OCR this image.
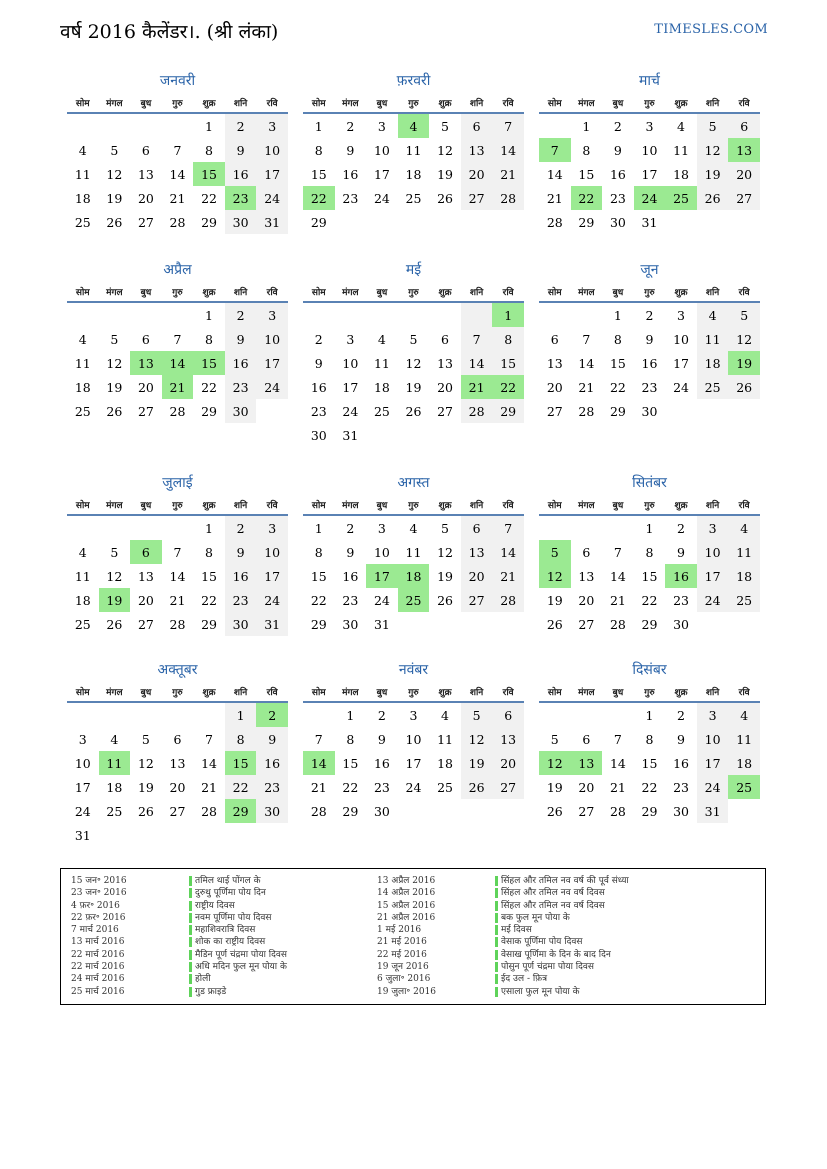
वर्ष 2016 कैलेंडर।. (श्री लंका)	TIMESLES.COM
जनवरी
सोम	मंगल	बुध	गुरु	शुक्र	शनि	रवि
				1	2	3
4	5	6	7	8	9	10
11	12	13	14	15	16	17
18	19	20	21	22	23	24
25	26	27	28	29	30	31
फ़रवरी
सोम	मंगल	बुध	गुरु	शुक्र	शनि	रवि
1	2	3	4	5	6	7
8	9	10	11	12	13	14
15	16	17	18	19	20	21
22	23	24	25	26	27	28
29						
मार्च
सोम	मंगल	बुध	गुरु	शुक्र	शनि	रवि
	1	2	3	4	5	6
7	8	9	10	11	12	13
14	15	16	17	18	19	20
21	22	23	24	25	26	27
28	29	30	31			
अप्रैल
सोम	मंगल	बुध	गुरु	शुक्र	शनि	रवि
				1	2	3
4	5	6	7	8	9	10
11	12	13	14	15	16	17
18	19	20	21	22	23	24
25	26	27	28	29	30	
मई
सोम	मंगल	बुध	गुरु	शुक्र	शनि	रवि
						1
2	3	4	5	6	7	8
9	10	11	12	13	14	15
16	17	18	19	20	21	22
23	24	25	26	27	28	29
30	31					
जून
सोम	मंगल	बुध	गुरु	शुक्र	शनि	रवि
		1	2	3	4	5
6	7	8	9	10	11	12
13	14	15	16	17	18	19
20	21	22	23	24	25	26
27	28	29	30			
जुलाई
सोम	मंगल	बुध	गुरु	शुक्र	शनि	रवि
				1	2	3
4	5	6	7	8	9	10
11	12	13	14	15	16	17
18	19	20	21	22	23	24
25	26	27	28	29	30	31
अगस्त
सोम	मंगल	बुध	गुरु	शुक्र	शनि	रवि
1	2	3	4	5	6	7
8	9	10	11	12	13	14
15	16	17	18	19	20	21
22	23	24	25	26	27	28
29	30	31				
सितंबर
सोम	मंगल	बुध	गुरु	शुक्र	शनि	रवि
			1	2	3	4
5	6	7	8	9	10	11
12	13	14	15	16	17	18
19	20	21	22	23	24	25
26	27	28	29	30		
अक्तूबर
सोम	मंगल	बुध	गुरु	शुक्र	शनि	रवि
					1	2
3	4	5	6	7	8	9
10	11	12	13	14	15	16
17	18	19	20	21	22	23
24	25	26	27	28	29	30
31						
नवंबर
सोम	मंगल	बुध	गुरु	शुक्र	शनि	रवि
	1	2	3	4	5	6
7	8	9	10	11	12	13
14	15	16	17	18	19	20
21	22	23	24	25	26	27
28	29	30				
दिसंबर
सोम	मंगल	बुध	गुरु	शुक्र	शनि	रवि
			1	2	3	4
5	6	7	8	9	10	11
12	13	14	15	16	17	18
19	20	21	22	23	24	25
26	27	28	29	30	31	
15 जन॰ 2016	तमिल थाई पोंगल के
23 जन॰ 2016	दुरुथु पूर्णिमा पोय दिन
4 फ़र॰ 2016	राष्ट्रीय दिवस
22 फ़र॰ 2016	नवम पूर्णिमा पोय दिवस
7 मार्च 2016	महाशिवरात्रि दिवस
13 मार्च 2016	शोक का राष्ट्रीय दिवस
22 मार्च 2016	मैडिन पूर्ण चंद्रमा पोया दिवस
22 मार्च 2016	अधि मदिन फुल मून पोया के
24 मार्च 2016	होली
25 मार्च 2016	गुड फ्राइडे
13 अप्रैल 2016	सिंहल और तमिल नव वर्ष की पूर्व संध्या
14 अप्रैल 2016	सिंहल और तमिल नव वर्ष दिवस
15 अप्रैल 2016	सिंहल और तमिल नव वर्ष दिवस
21 अप्रैल 2016	बक फुल मून पोया के
1 मई 2016	मई दिवस
21 मई 2016	वेसाक पूर्णिमा पोय दिवस
22 मई 2016	वेसाख पूर्णिमा के दिन के बाद दिन
19 जून 2016	पोसुन पूर्ण चंद्रमा पोया दिवस
6 जुला॰ 2016	ईद उल - फ़ित्र
19 जुला॰ 2016	एसाला फुल मून पोया के
